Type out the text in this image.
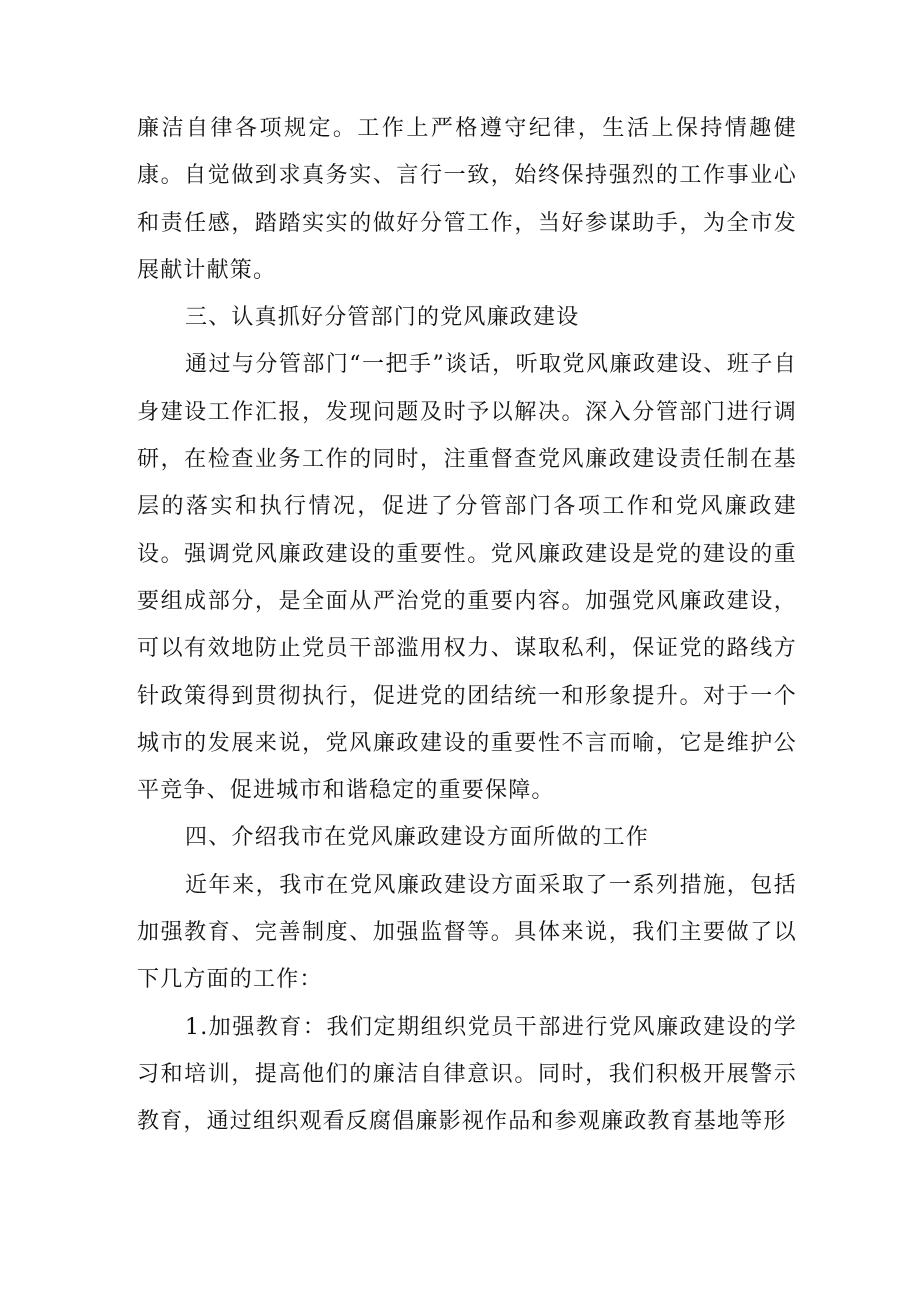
廉洁自律各项规定。工作上严格遵守纪律，生活上保持情趣健康。自觉做到求真务实、言行一致，始终保持强烈的工作事业心和责任感，踏踏实实的做好分管工作，当好参谋助手，为全市发展献计献策。

三、认真抓好分管部门的党风廉政建设

通过与分管部门“一把手”谈话，听取党风廉政建设、班子自身建设工作汇报，发现问题及时予以解决。深入分管部门进行调研，在检查业务工作的同时，注重督查党风廉政建设责任制在基层的落实和执行情况，促进了分管部门各项工作和党风廉政建设。强调党风廉政建设的重要性。党风廉政建设是党的建设的重要组成部分，是全面从严治党的重要内容。加强党风廉政建设，可以有效地防止党员干部滥用权力、谋取私利，保证党的路线方针政策得到贯彻执行，促进党的团结统一和形象提升。对于一个城市的发展来说，党风廉政建设的重要性不言而喻，它是维护公平竞争、促进城市和谐稳定的重要保障。

四、介绍我市在党风廉政建设方面所做的工作

近年来，我市在党风廉政建设方面采取了一系列措施，包括加强教育、完善制度、加强监督等。具体来说，我们主要做了以下几方面的工作：

1.加强教育：我们定期组织党员干部进行党风廉政建设的学习和培训，提高他们的廉洁自律意识。同时，我们积极开展警示教育，通过组织观看反腐倡廉影视作品和参观廉政教育基地等形
